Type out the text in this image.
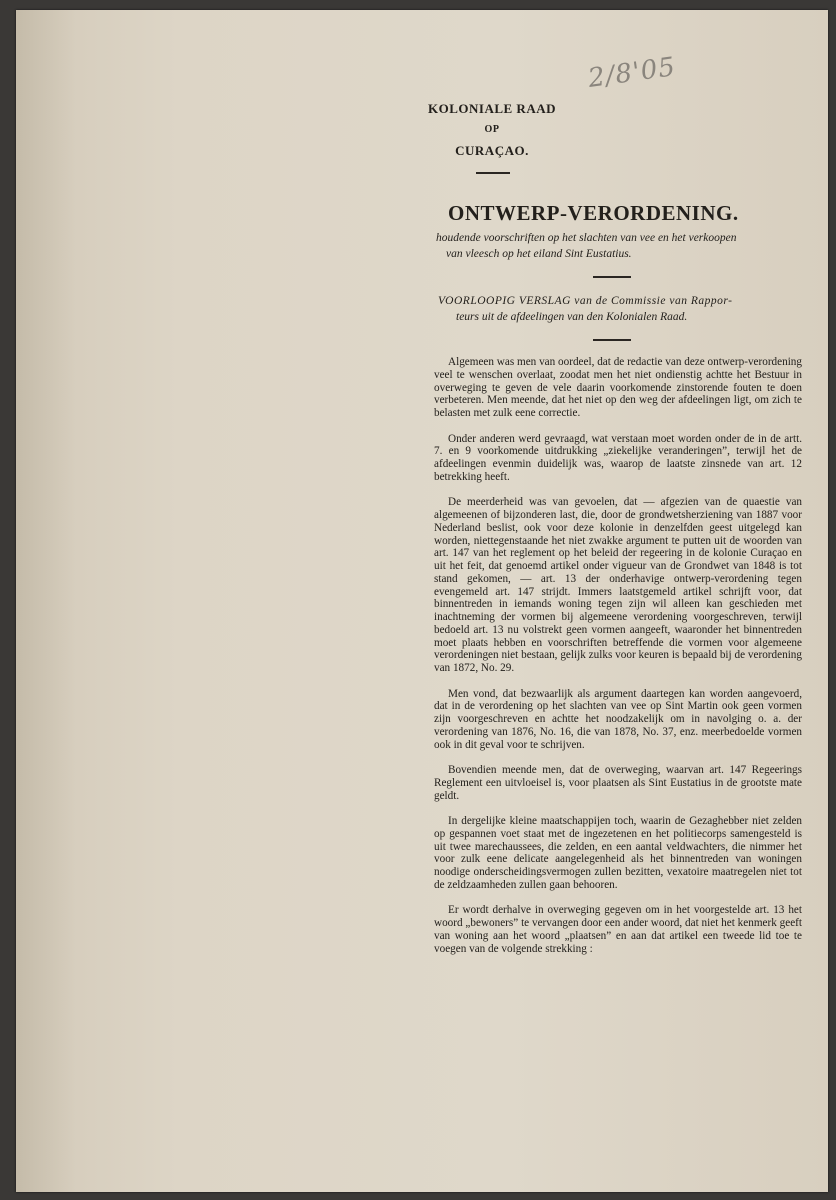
2/8'05
KOLONIALE RAAD
OP
CURAÇAO.
ONTWERP-VERORDENING.
houdende voorschriften op het slachten van vee en het verkoopen
van vleesch op het eiland Sint Eustatius.
VOORLOOPIG VERSLAG van de Commissie van Rappor-
teurs uit de afdeelingen van den Kolonialen Raad.

Algemeen was men van oordeel, dat de redactie van deze ontwerp-verordening veel te wenschen overlaat, zoodat men het niet ondienstig achtte het Bestuur in overweging te geven de vele daarin voorkomende zinstorende fouten te doen verbeteren. Men meende, dat het niet op den weg der afdeelingen ligt, om zich te belasten met zulk eene correctie.

Onder anderen werd gevraagd, wat verstaan moet worden onder de in de artt. 7. en 9 voorkomende uitdrukking „ziekelijke veranderingen”, terwijl het de afdeelingen evenmin duidelijk was, waarop de laatste zinsnede van art. 12 betrekking heeft.

De meerderheid was van gevoelen, dat — afgezien van de quaestie van algemeenen of bijzonderen last, die, door de grondwetsherziening van 1887 voor Nederland beslist, ook voor deze kolonie in denzelfden geest uitgelegd kan worden, niettegenstaande het niet zwakke argument te putten uit de woorden van art. 147 van het reglement op het beleid der regeering in de kolonie Curaçao en uit het feit, dat genoemd artikel onder vigueur van de Grondwet van 1848 is tot stand gekomen, — art. 13 der onderhavige ontwerp-verordening tegen evengemeld art. 147 strijdt. Immers laatstgemeld artikel schrijft voor, dat binnentreden in iemands woning tegen zijn wil alleen kan geschieden met inachtneming der vormen bij algemeene verordening voorgeschreven, terwijl bedoeld art. 13 nu volstrekt geen vormen aangeeft, waaronder het binnentreden moet plaats hebben en voorschriften betreffende die vormen voor algemeene verordeningen niet bestaan, gelijk zulks voor keuren is bepaald bij de verordening van 1872, No. 29.

Men vond, dat bezwaarlijk als argument daartegen kan worden aangevoerd, dat in de verordening op het slachten van vee op Sint Martin ook geen vormen zijn voorgeschreven en achtte het noodzakelijk om in navolging o. a. der verordening van 1876, No. 16, die van 1878, No. 37, enz. meerbedoelde vormen ook in dit geval voor te schrijven.

Bovendien meende men, dat de overweging, waarvan art. 147 Regeerings Reglement een uitvloeisel is, voor plaatsen als Sint Eustatius in de grootste mate geldt.

In dergelijke kleine maatschappijen toch, waarin de Gezaghebber niet zelden op gespannen voet staat met de ingezetenen en het politiecorps samengesteld is uit twee marechaussees, die zelden, en een aantal veldwachters, die nimmer het voor zulk eene delicate aangelegenheid als het binnentreden van woningen noodige onderscheidingsvermogen zullen bezitten, vexatoire maatregelen niet tot de zeldzaamheden zullen gaan behooren.

Er wordt derhalve in overweging gegeven om in het voorgestelde art. 13 het woord „bewoners” te vervangen door een ander woord, dat niet het kenmerk geeft van woning aan het woord „plaatsen” en aan dat artikel een tweede lid toe te voegen van de volgende strekking :
